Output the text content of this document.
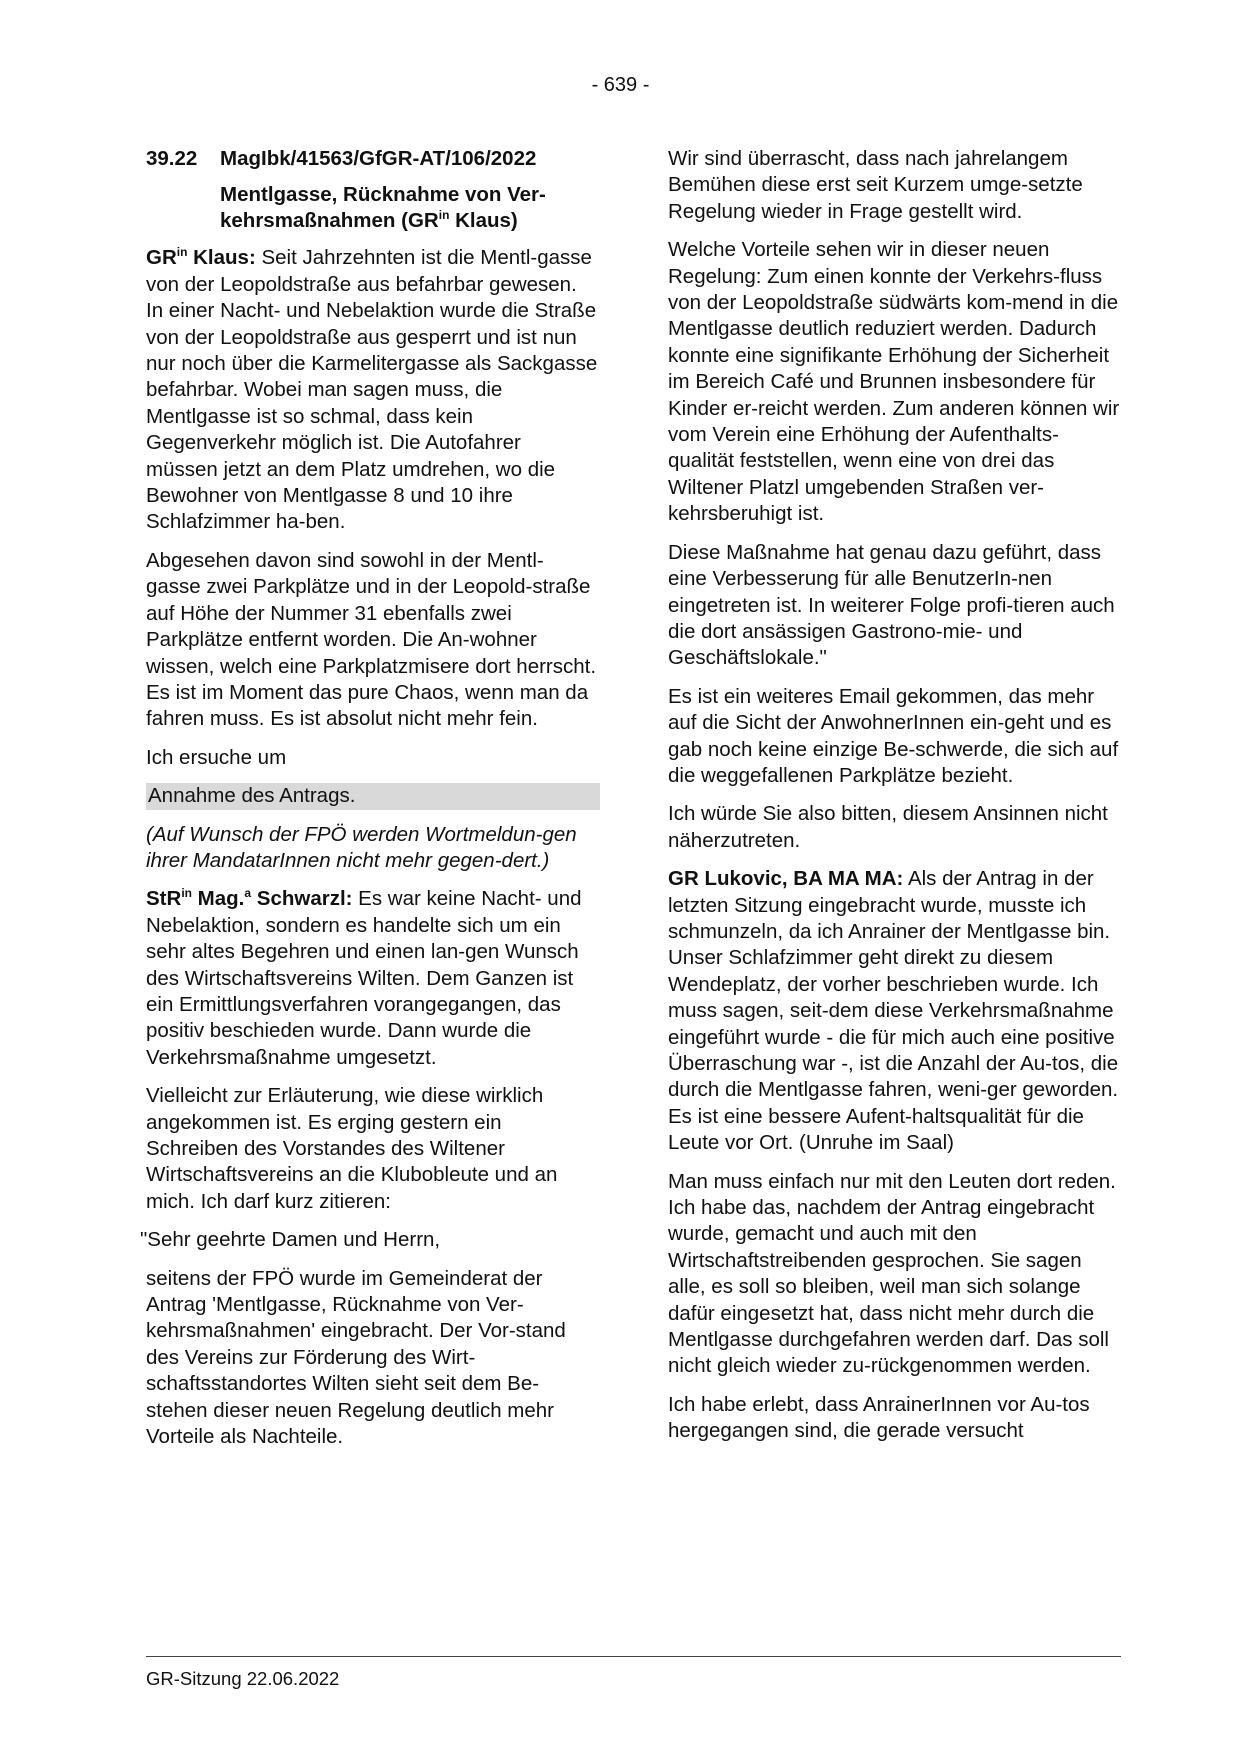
- 639 -
39.22	MagIbk/41563/GfGR-AT/106/2022
Mentlgasse, Rücknahme von Ver-
kehrsmaßnahmen ($GR^{in}$ Klaus)

$GR^{in}$ Klaus: Seit Jahrzehnten ist die Mentl-gasse von der Leopoldstraße aus befahrbar gewesen. In einer Nacht- und Nebelaktion wurde die Straße von der Leopoldstraße aus gesperrt und ist nun nur noch über die Karmelitergasse als Sackgasse befahrbar. Wobei man sagen muss, die Mentlgasse ist so schmal, dass kein Gegenverkehr möglich ist. Die Autofahrer müssen jetzt an dem Platz umdrehen, wo die Bewohner von Mentlgasse 8 und 10 ihre Schlafzimmer ha-ben.

Abgesehen davon sind sowohl in der Mentl-gasse zwei Parkplätze und in der Leopold-straße auf Höhe der Nummer 31 ebenfalls zwei Parkplätze entfernt worden. Die An-wohner wissen, welch eine Parkplatzmisere dort herrscht. Es ist im Moment das pure Chaos, wenn man da fahren muss. Es ist absolut nicht mehr fein.

Ich ersuche um

Annahme des Antrags.

(Auf Wunsch der FPÖ werden Wortmeldun-gen ihrer MandatarInnen nicht mehr gegen-dert.)

StR$^{in}$ Mag.$^a$ Schwarzl: Es war keine Nacht- und Nebelaktion, sondern es handelte sich um ein sehr altes Begehren und einen lan-gen Wunsch des Wirtschaftsvereins Wilten. Dem Ganzen ist ein Ermittlungsverfahren vorangegangen, das positiv beschieden wurde. Dann wurde die Verkehrsmaßnahme umgesetzt.

Vielleicht zur Erläuterung, wie diese wirklich angekommen ist. Es erging gestern ein Schreiben des Vorstandes des Wiltener Wirtschaftsvereins an die Klubobleute und an mich. Ich darf kurz zitieren:

"Sehr geehrte Damen und Herrn,

seitens der FPÖ wurde im Gemeinderat der Antrag 'Mentlgasse, Rücknahme von Ver-kehrsmaßnahmen' eingebracht. Der Vor-stand des Vereins zur Förderung des Wirt-schaftsstandortes Wilten sieht seit dem Be-stehen dieser neuen Regelung deutlich mehr Vorteile als Nachteile.

Wir sind überrascht, dass nach jahrelangem Bemühen diese erst seit Kurzem umge-setzte Regelung wieder in Frage gestellt wird.

Welche Vorteile sehen wir in dieser neuen Regelung: Zum einen konnte der Verkehrs-fluss von der Leopoldstraße südwärts kom-mend in die Mentlgasse deutlich reduziert werden. Dadurch konnte eine signifikante Erhöhung der Sicherheit im Bereich Café und Brunnen insbesondere für Kinder er-reicht werden. Zum anderen können wir vom Verein eine Erhöhung der Aufenthalts-qualität feststellen, wenn eine von drei das Wiltener Platzl umgebenden Straßen ver-kehrsberuhigt ist.

Diese Maßnahme hat genau dazu geführt, dass eine Verbesserung für alle BenutzerIn-nen eingetreten ist. In weiterer Folge profi-tieren auch die dort ansässigen Gastrono-mie- und Geschäftslokale."

Es ist ein weiteres Email gekommen, das mehr auf die Sicht der AnwohnerInnen ein-geht und es gab noch keine einzige Be-schwerde, die sich auf die weggefallenen Parkplätze bezieht.

Ich würde Sie also bitten, diesem Ansinnen nicht näherzutreten.

GR Lukovic, BA MA MA: Als der Antrag in der letzten Sitzung eingebracht wurde, musste ich schmunzeln, da ich Anrainer der Mentlgasse bin. Unser Schlafzimmer geht direkt zu diesem Wendeplatz, der vorher beschrieben wurde. Ich muss sagen, seit-dem diese Verkehrsmaßnahme eingeführt wurde - die für mich auch eine positive Überraschung war -, ist die Anzahl der Au-tos, die durch die Mentlgasse fahren, weni-ger geworden. Es ist eine bessere Aufent-haltsqualität für die Leute vor Ort. (Unruhe im Saal)

Man muss einfach nur mit den Leuten dort reden. Ich habe das, nachdem der Antrag eingebracht wurde, gemacht und auch mit den Wirtschaftstreibenden gesprochen. Sie sagen alle, es soll so bleiben, weil man sich solange dafür eingesetzt hat, dass nicht mehr durch die Mentlgasse durchgefahren werden darf. Das soll nicht gleich wieder zu-rückgenommen werden.

Ich habe erlebt, dass AnrainerInnen vor Au-tos hergegangen sind, die gerade versucht

GR-Sitzung 22.06.2022
